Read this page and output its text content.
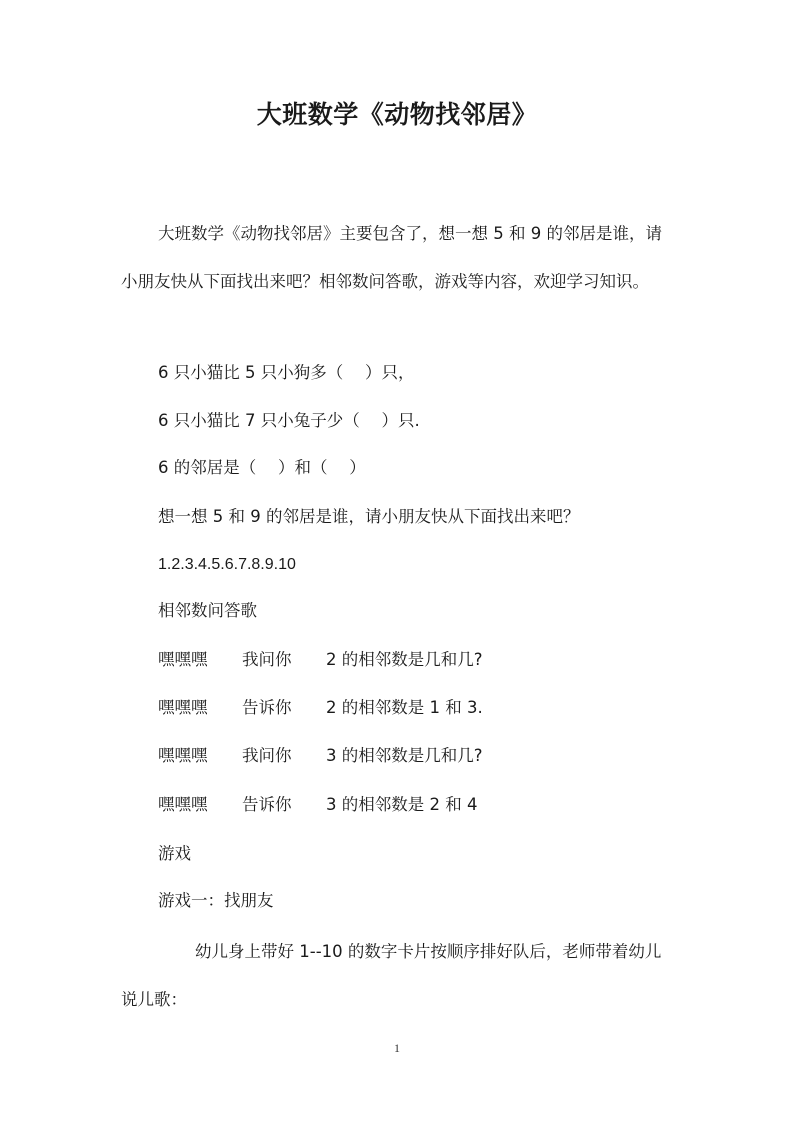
大班数学《动物找邻居》

大班数学《动物找邻居》主要包含了，想一想 5 和 9 的邻居是谁，请小朋友快从下面找出来吧？相邻数问答歌，游戏等内容，欢迎学习知识。

6 只小猫比 5 只小狗多（　 ）只，
6 只小猫比 7 只小兔子少（　 ）只.
6 的邻居是（　 ）和（　 ）
想一想 5 和 9 的邻居是谁，请小朋友快从下面找出来吧？
1.2.3.4.5.6.7.8.9.10
相邻数问答歌
嘿嘿嘿 我问你 2 的相邻数是几和几?
嘿嘿嘿 告诉你 2 的相邻数是 1 和 3.
嘿嘿嘿 我问你 3 的相邻数是几和几?
嘿嘿嘿 告诉你 3 的相邻数是 2 和 4
游戏
游戏一：找朋友

幼儿身上带好 1--10 的数字卡片按顺序排好队后，老师带着幼儿说儿歌：

1
